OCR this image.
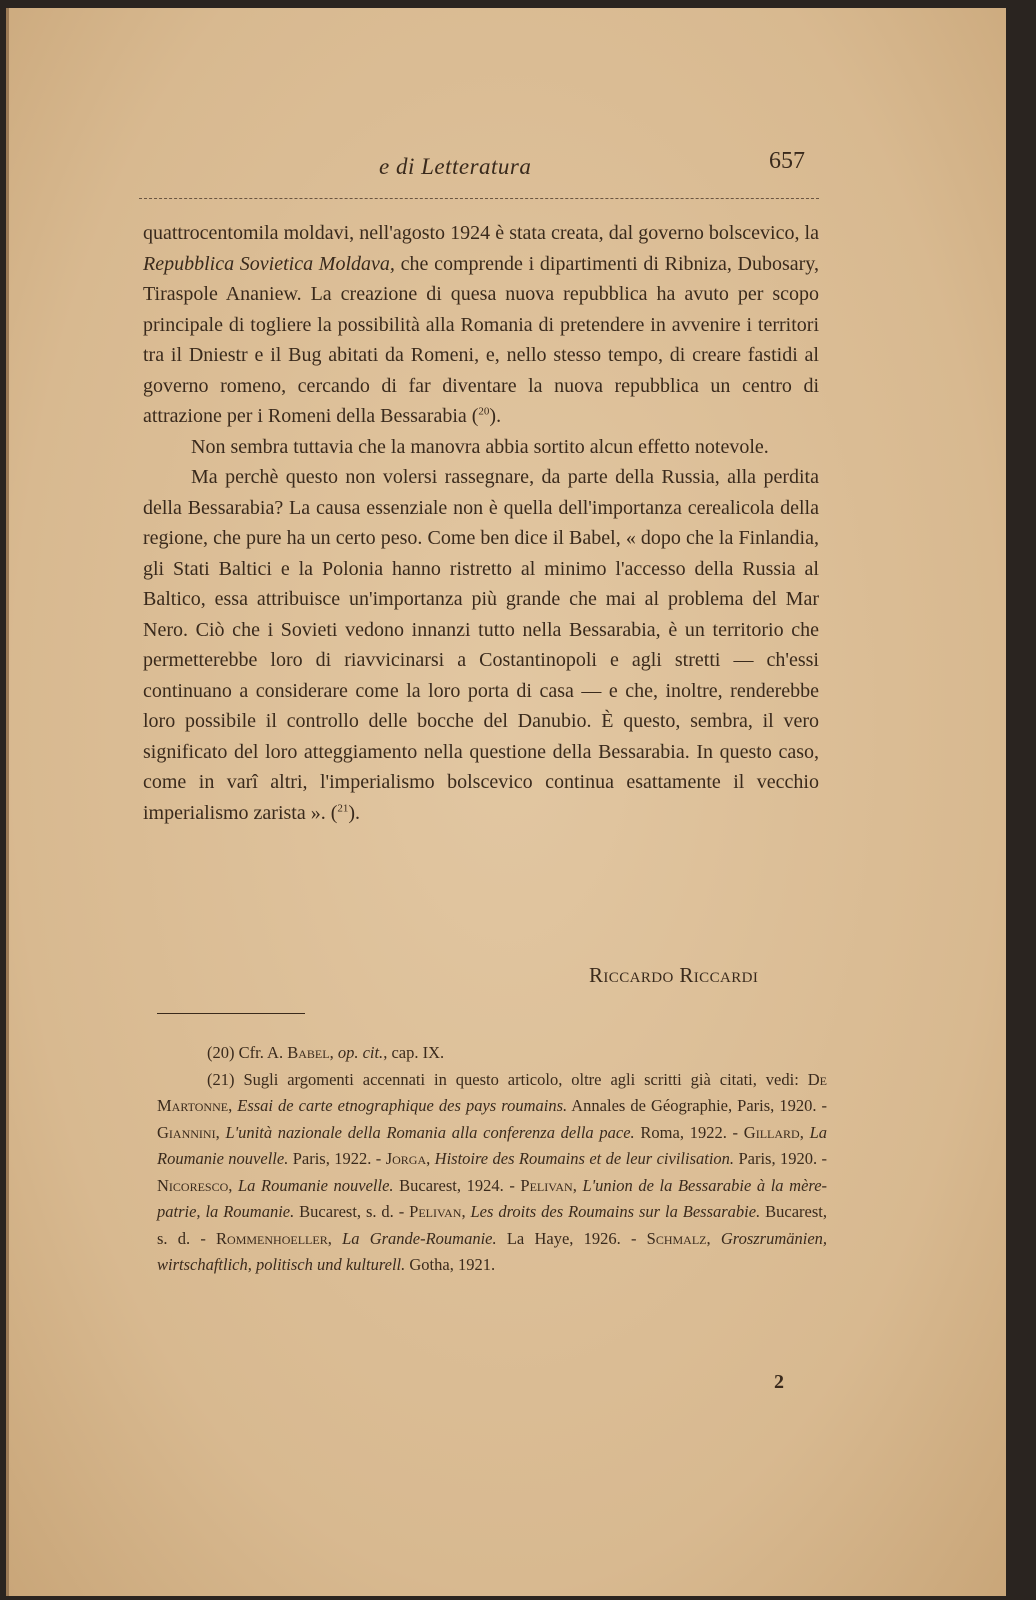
e di Letteratura	657

quattrocentomila moldavi, nell'agosto 1924 è stata creata, dal governo bolscevico, la Repubblica Sovietica Moldava, che comprende i dipartimenti di Ribniza, Dubosary, Tiraspole Ananiew. La creazione di quesa nuova repubblica ha avuto per scopo principale di togliere la possibilità alla Romania di pretendere in avvenire i territori tra il Dniestr e il Bug abitati da Romeni, e, nello stesso tempo, di creare fastidi al governo romeno, cercando di far diventare la nuova repubblica un centro di attrazione per i Romeni della Bessarabia ($^{20}$).

Non sembra tuttavia che la manovra abbia sortito alcun effetto notevole.

Ma perchè questo non volersi rassegnare, da parte della Russia, alla perdita della Bessarabia? La causa essenziale non è quella dell'importanza cerealicola della regione, che pure ha un certo peso. Come ben dice il Babel, « dopo che la Finlandia, gli Stati Baltici e la Polonia hanno ristretto al minimo l'accesso della Russia al Baltico, essa attribuisce un'importanza più grande che mai al problema del Mar Nero. Ciò che i Sovieti vedono innanzi tutto nella Bessarabia, è un territorio che permetterebbe loro di riavvicinarsi a Costantinopoli e agli stretti — ch'essi continuano a considerare come la loro porta di casa — e che, inoltre, renderebbe loro possibile il controllo delle bocche del Danubio. È questo, sembra, il vero significato del loro atteggiamento nella questione della Bessarabia. In questo caso, come in varî altri, l'imperialismo bolscevico continua esattamente il vecchio imperialismo zarista ». ($^{21}$).

Riccardo Riccardi

(20) Cfr. A. Babel, op. cit., cap. IX.

(21) Sugli argomenti accennati in questo articolo, oltre agli scritti già citati, vedi: De Martonne, Essai de carte etnographique des pays roumains. Annales de Géographie, Paris, 1920. - Giannini, L'unità nazionale della Romania alla conferenza della pace. Roma, 1922. - Gillard, La Roumanie nouvelle. Paris, 1922. - Jorga, Histoire des Roumains et de leur civilisation. Paris, 1920. - Nicoresco, La Roumanie nouvelle. Bucarest, 1924. - Pelivan, L'union de la Bessarabie à la mère-patrie, la Roumanie. Bucarest, s. d. - Pelivan, Les droits des Roumains sur la Bessarabie. Bucarest, s. d. - Rommenhoeller, La Grande-Roumanie. La Haye, 1926. - Schmalz, Groszrumänien, wirtschaftlich, politisch und kulturell. Gotha, 1921.

2
